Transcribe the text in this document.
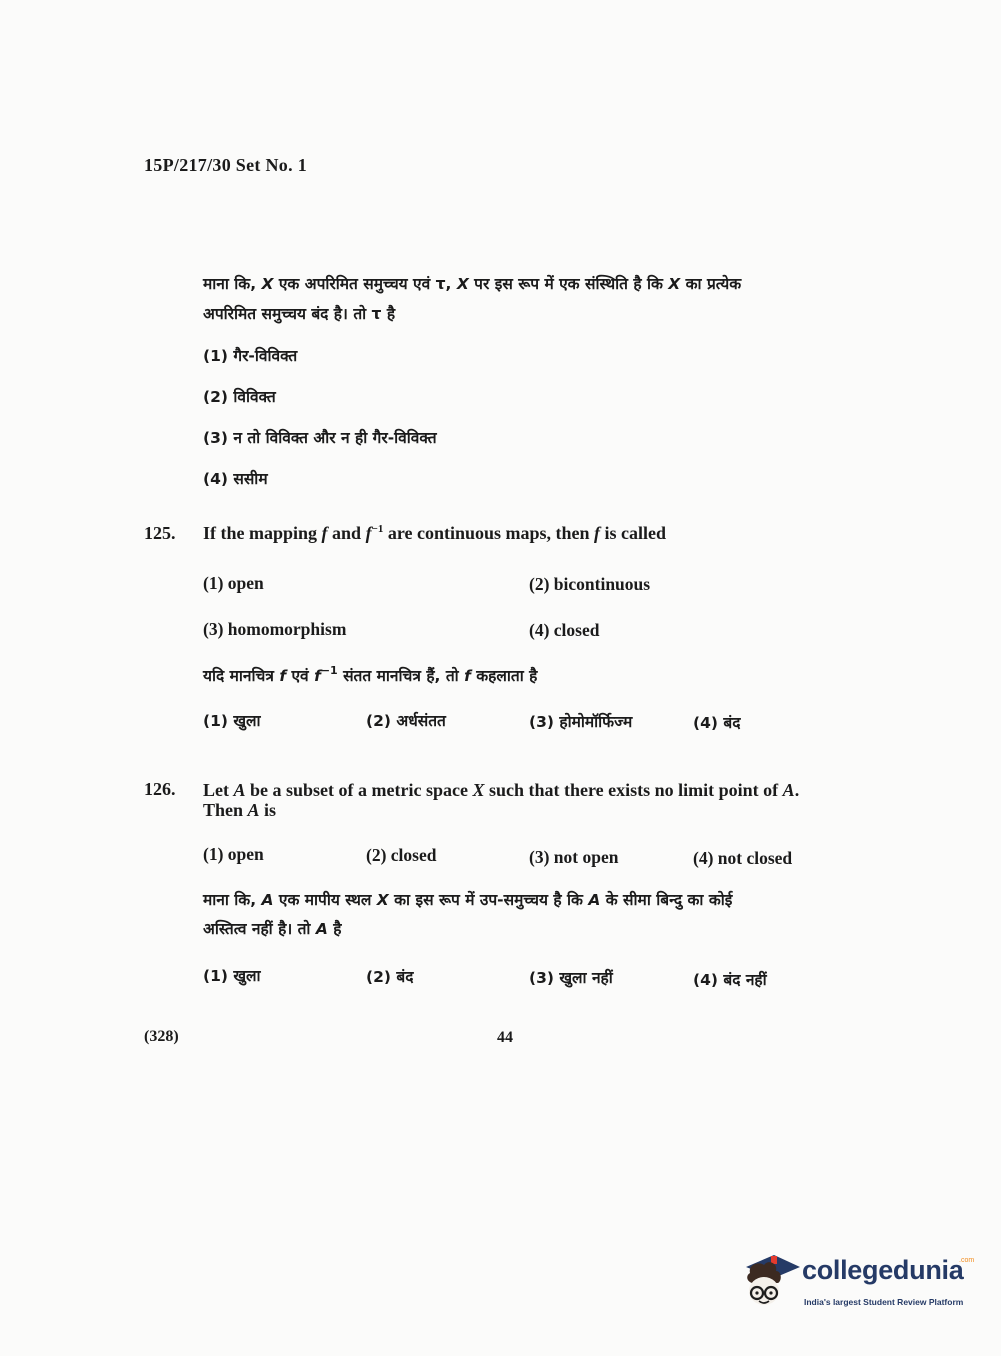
15P/217/30 Set No. 1
माना कि, X एक अपरिमित समुच्चय एवं τ, X पर इस रूप में एक संस्थिति है कि X का प्रत्येक
अपरिमित समुच्चय बंद है। तो τ है
(1) गैर-विविक्त
(2) विविक्त
(3) न तो विविक्त और न ही गैर-विविक्त
(4) ससीम
125. If the mapping f and $f^{-1}$ are continuous maps, then f is called
(1) open	(2) bicontinuous
(3) homomorphism	(4) closed
यदि मानचित्र f एवं $f^{-1}$ संतत मानचित्र हैं, तो f कहलाता है
(1) खुला	(2) अर्धसंतत	(3) होमोमॉर्फिज्म	(4) बंद
126. Let A be a subset of a metric space X such that there exists no limit point of A.
Then A is
(1) open	(2) closed	(3) not open	(4) not closed
माना कि, A एक मापीय स्थल X का इस रूप में उप-समुच्चय है कि A के सीमा बिन्दु का कोई
अस्तित्व नहीं है। तो A है
(1) खुला	(2) बंद	(3) खुला नहीं	(4) बंद नहीं
(328)	44
collegedunia
.com
India's largest Student Review Platform
